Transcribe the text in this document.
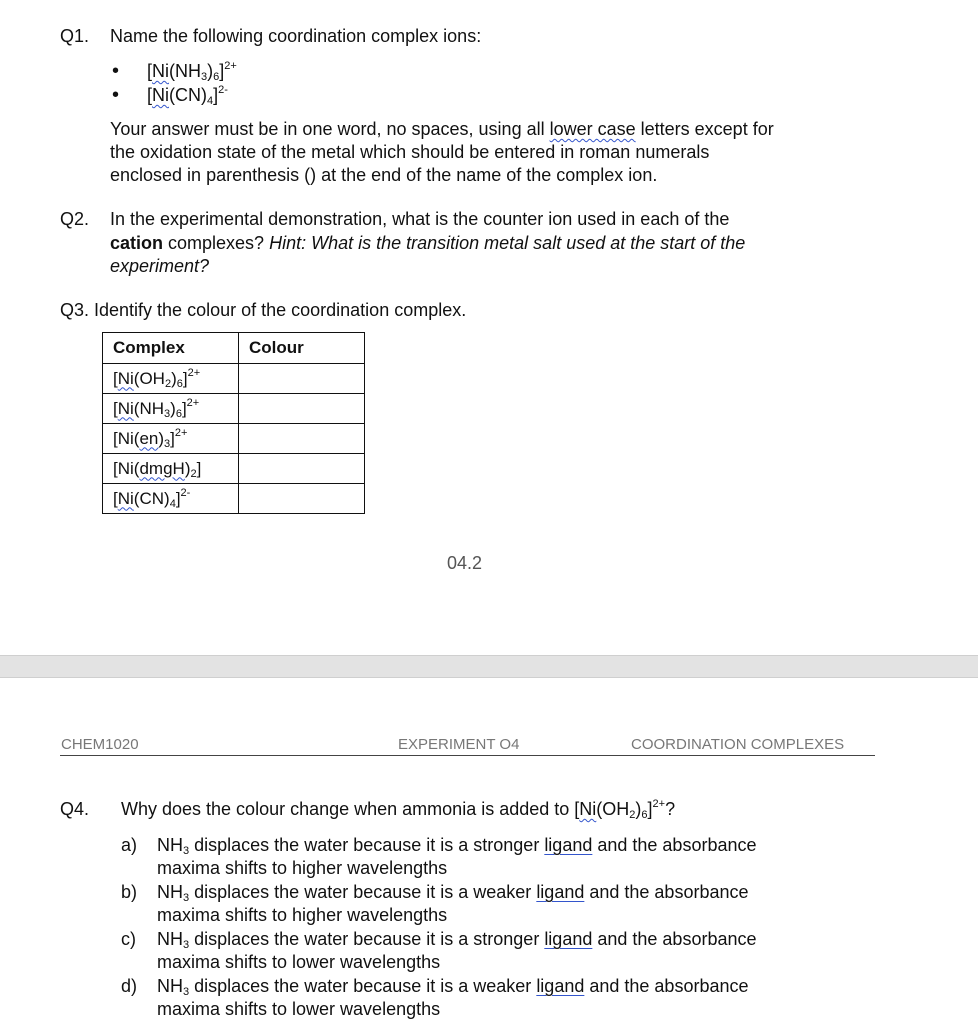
Q1. Name the following coordination complex ions:
• $[Ni(NH_3)_6]^{2+}$
• $[Ni(CN)_4]^{2-}$
Your answer must be in one word, no spaces, using all lower case letters except for
the oxidation state of the metal which should be entered in roman numerals
enclosed in parenthesis () at the end of the name of the complex ion.
Q2. In the experimental demonstration, what is the counter ion used in each of the
cation complexes? Hint: What is the transition metal salt used at the start of the
experiment?
Q3. Identify the colour of the coordination complex.
Complex	Colour
$[Ni(OH_2)_6]^{2+}$	
$[Ni(NH_3)_6]^{2+}$	
$[Ni(en)_3]^{2+}$	
$[Ni(dmgH)_2]$	
$[Ni(CN)_4]^{2-}$	
04.2
CHEM1020	EXPERIMENT O4	COORDINATION COMPLEXES
Q4. Why does the colour change when ammonia is added to $[Ni(OH_2)_6]^{2+}$?
a) $NH_3$ displaces the water because it is a stronger ligand and the absorbance
maxima shifts to higher wavelengths
b) $NH_3$ displaces the water because it is a weaker ligand and the absorbance
maxima shifts to higher wavelengths
c) $NH_3$ displaces the water because it is a stronger ligand and the absorbance
maxima shifts to lower wavelengths
d) $NH_3$ displaces the water because it is a weaker ligand and the absorbance
maxima shifts to lower wavelengths
